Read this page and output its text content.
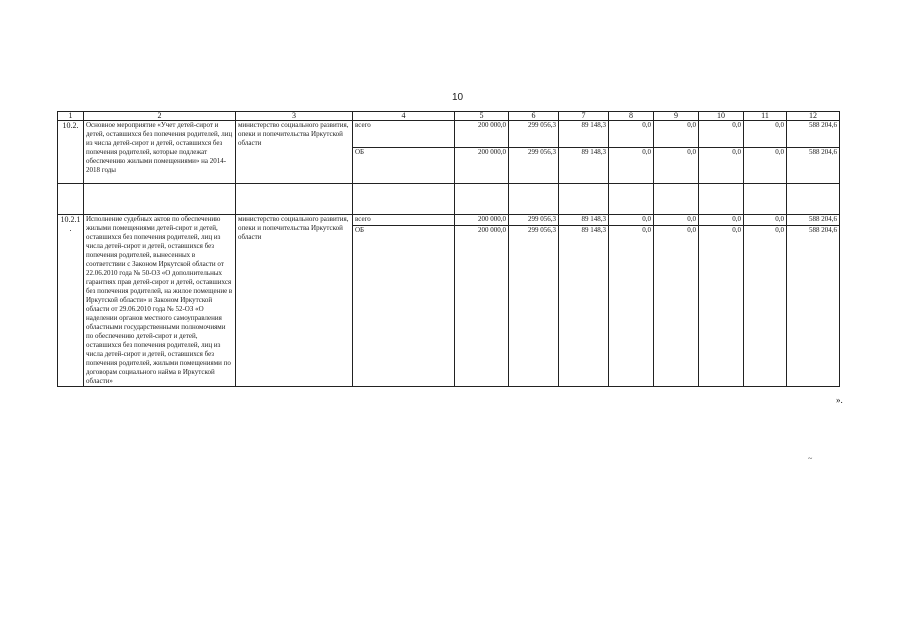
10
1	2	3	4	5	6	7	8	9	10	11	12
10.2.	Основное мероприятие «Учет детей-сирот и детей, оставшихся без попечения родителей, лиц из числа детей-сирот и детей, оставшихся без попечения родителей, которые подлежат обеспечению жилыми помещениями» на 2014-2018 годы	министерство социального развития, опеки и попечительства Иркутской области	всего	200 000,0	299 056,3	89 148,3	0,0	0,0	0,0	0,0	588 204,6
			ОБ	200 000,0	299 056,3	89 148,3	0,0	0,0	0,0	0,0	588 204,6

10.2.1.	Исполнение судебных актов по обеспечению жилыми помещениями детей-сирот и детей, оставшихся без попечения родителей, лиц из числа детей-сирот и детей, оставшихся без попечения родителей, вынесенных в соответствии с Законом Иркутской области от 22.06.2010 года № 50-ОЗ «О дополнительных гарантиях прав детей-сирот и детей, оставшихся без попечения родителей, на жилое помещение в Иркутской области» и Законом Иркутской области от 29.06.2010 года № 52-ОЗ «О наделении органов местного самоуправления областными государственными полномочиями по обеспечению детей-сирот и детей, оставшихся без попечения родителей, лиц из числа детей-сирот и детей, оставшихся без попечения родителей, жилыми помещениями по договорам социального найма в Иркутской области»	министерство социального развития, опеки и попечительства Иркутской области	всего	200 000,0	299 056,3	89 148,3	0,0	0,0	0,0	0,0	588 204,6
			ОБ	200 000,0	299 056,3	89 148,3	0,0	0,0	0,0	0,0	588 204,6
».
~
